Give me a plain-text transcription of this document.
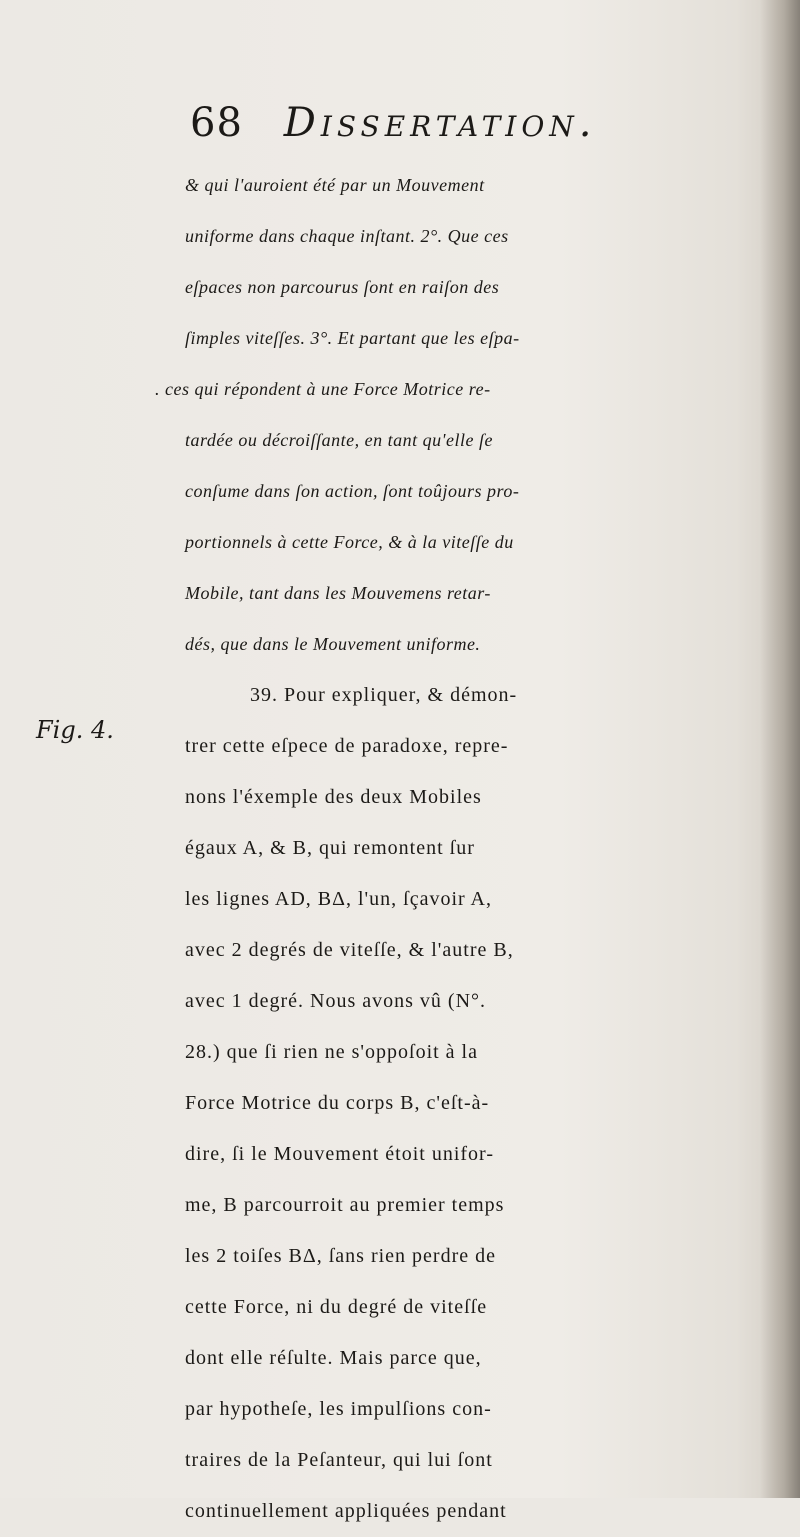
68 Dissertation.
Fig. 4.
& qui l'auroient été par un Mouvement
uniforme dans chaque inſtant. 2°. Que ces
eſpaces non parcourus ſont en raiſon des
ſimples viteſſes. 3°. Et partant que les eſpa-
. ces qui répondent à une Force Motrice re-
tardée ou décroiſſante, en tant qu'elle ſe
conſume dans ſon action, ſont toûjours pro-
portionnels à cette Force, & à la viteſſe du
Mobile, tant dans les Mouvemens retar-
dés, que dans le Mouvement uniforme.
39. Pour expliquer, & démon-
trer cette eſpece de paradoxe, repre-
nons l'éxemple des deux Mobiles
égaux A, & B, qui remontent ſur
les lignes AD, BΔ, l'un, ſçavoir A,
avec 2 degrés de viteſſe, & l'autre B,
avec 1 degré. Nous avons vû (N°.
28.) que ſi rien ne s'oppoſoit à la
Force Motrice du corps B, c'eſt-à-
dire, ſi le Mouvement étoit unifor-
me, B parcourroit au premier temps
les 2 toiſes BΔ, ſans rien perdre de
cette Force, ni du degré de viteſſe
dont elle réſulte. Mais parce que,
par hypotheſe, les impulſions con-
traires de la Peſanteur, qui lui ſont
continuellement appliquées pendant
